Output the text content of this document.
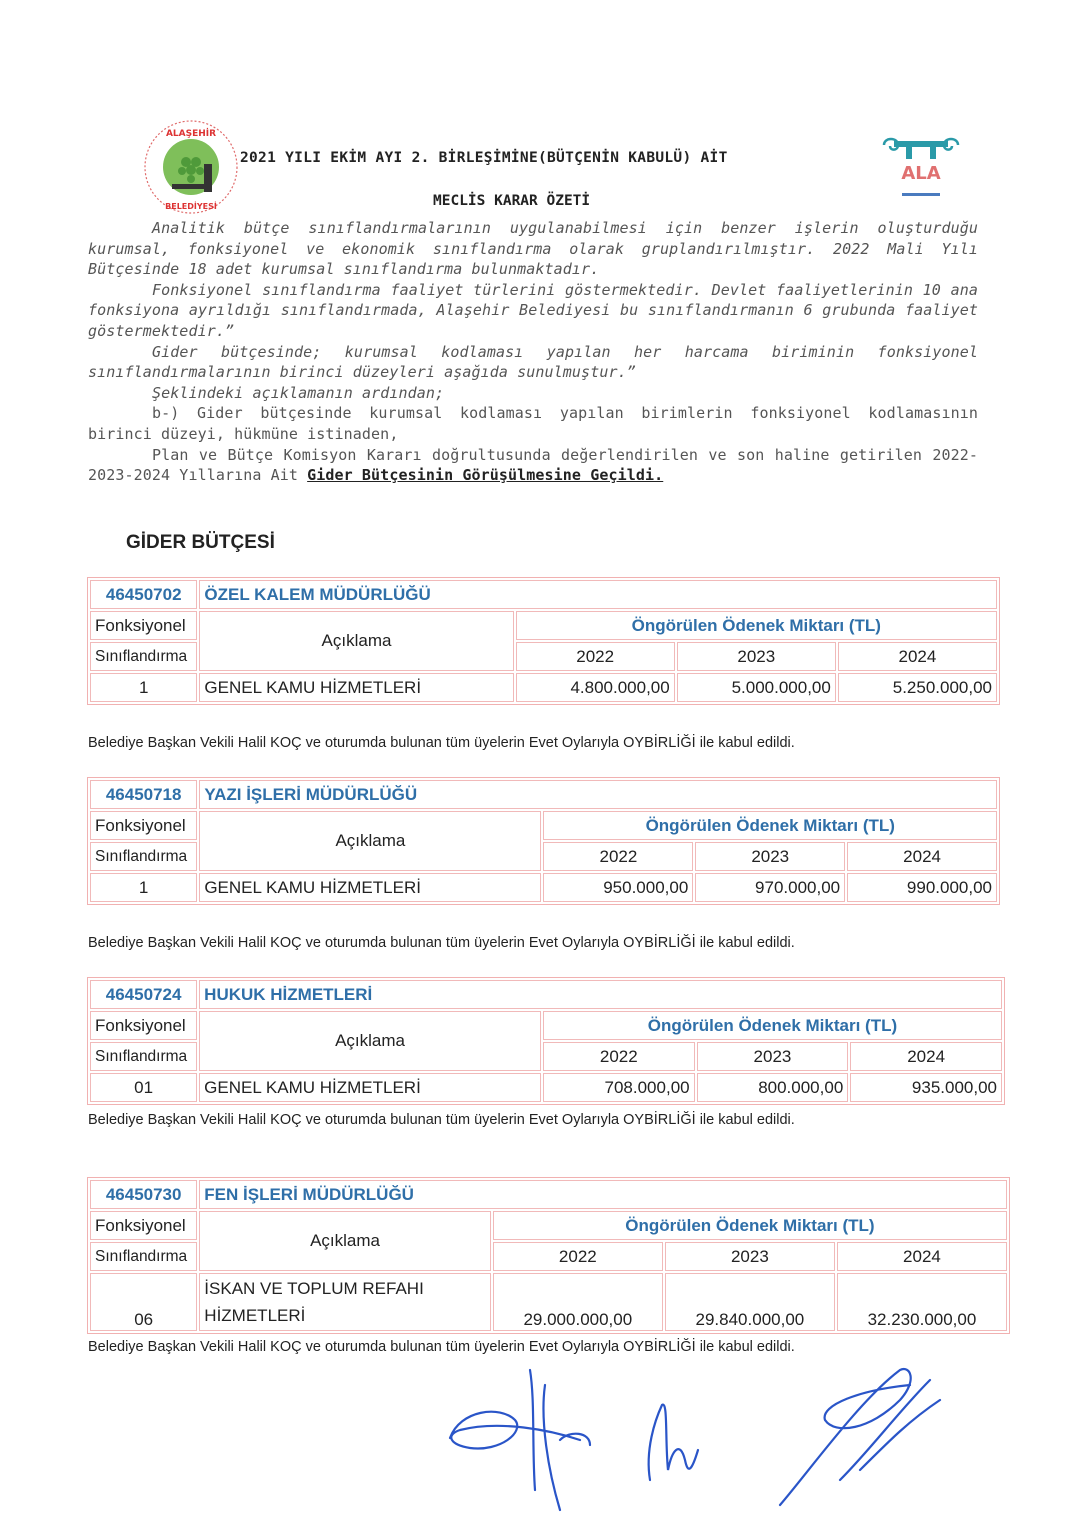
ALAŞEHİR
BELEDİYESİ
ALA
2021 YILI EKİM AYI 2. BİRLEŞİMİNE(BÜTÇENİN KABULÜ) AİT
MECLİS KARAR ÖZETİ

Analitik bütçe sınıflandırmalarının uygulanabilmesi için benzer işlerin oluşturduğu kurumsal, fonksiyonel ve ekonomik sınıflandırma olarak gruplandırılmıştır. 2022 Mali Yılı Bütçesinde 18 adet kurumsal sınıflandırma bulunmaktadır.

Fonksiyonel sınıflandırma faaliyet türlerini göstermektedir. Devlet faaliyetlerinin 10 ana fonksiyona ayrıldığı sınıflandırmada, Alaşehir Belediyesi bu sınıflandırmanın 6 grubunda faaliyet göstermektedir.”

Gider bütçesinde; kurumsal kodlaması yapılan her harcama biriminin fonksiyonel sınıflandırmalarının birinci düzeyleri aşağıda sunulmuştur.”

Şeklindeki açıklamanın ardından;

b-) Gider bütçesinde kurumsal kodlaması yapılan birimlerin fonksiyonel kodlamasının birinci düzeyi, hükmüne istinaden,

Plan ve Bütçe Komisyon Kararı doğrultusunda değerlendirilen ve son haline getirilen 2022-2023-2024 Yıllarına Ait Gider Bütçesinin Görüşülmesine Geçildi.

GİDER BÜTÇESİ
46450702	ÖZEL KALEM MÜDÜRLÜĞÜ			
Fonksiyonel	Açıklama	Öngörülen Ödenek Miktarı (TL)		
Sınıflandırma		2022	2023	2024
1	GENEL KAMU HİZMETLERİ	4.800.000,00	5.000.000,00	5.250.000,00
Belediye Başkan Vekili Halil KOÇ ve oturumda bulunan tüm üyelerin Evet Oylarıyla OYBİRLİĞİ ile kabul edildi.
46450718	YAZI İŞLERİ MÜDÜRLÜĞÜ			
Fonksiyonel	Açıklama	Öngörülen Ödenek Miktarı (TL)		
Sınıflandırma		2022	2023	2024
1	GENEL KAMU HİZMETLERİ	950.000,00	970.000,00	990.000,00
Belediye Başkan Vekili Halil KOÇ ve oturumda bulunan tüm üyelerin Evet Oylarıyla OYBİRLİĞİ ile kabul edildi.
46450724	HUKUK HİZMETLERİ			
Fonksiyonel	Açıklama	Öngörülen Ödenek Miktarı (TL)		
Sınıflandırma		2022	2023	2024
01	GENEL KAMU HİZMETLERİ	708.000,00	800.000,00	935.000,00
Belediye Başkan Vekili Halil KOÇ ve oturumda bulunan tüm üyelerin Evet Oylarıyla OYBİRLİĞİ ile kabul edildi.
46450730	FEN İŞLERİ MÜDÜRLÜĞÜ			
Fonksiyonel	Açıklama	Öngörülen Ödenek Miktarı (TL)		
Sınıflandırma		2022	2023	2024
06	İSKAN VE TOPLUM REFAHI
HİZMETLERİ	29.000.000,00	29.840.000,00	32.230.000,00
Belediye Başkan Vekili Halil KOÇ ve oturumda bulunan tüm üyelerin Evet Oylarıyla OYBİRLİĞİ ile kabul edildi.
